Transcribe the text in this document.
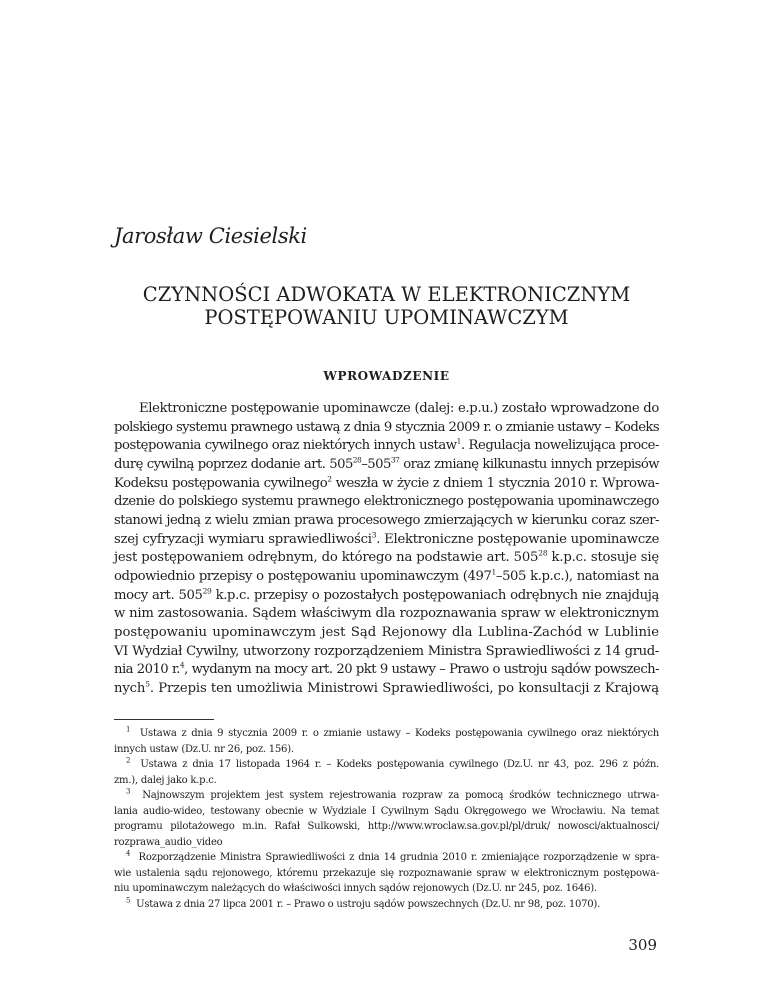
Jarosław Ciesielski
CZYNNOŚCI ADWOKATA W ELEKTRONICZNYM
POSTĘPOWANIU UPOMINAWCZYM
WPROWADZENIE
Elektroniczne postępowanie upominawcze (dalej: e.p.u.) zostało wprowadzone do
polskiego systemu prawnego ustawą z dnia 9 stycznia 2009 r. o zmianie ustawy – Kodeks
postępowania cywilnego oraz niektórych innych ustaw$^1$. Regulacja nowelizująca proce-
durę cywilną poprzez dodanie art. $505^{28}-505^{37}$ oraz zmianę kilkunastu innych przepisów
Kodeksu postępowania cywilnego$^2$ weszła w życie z dniem 1 stycznia 2010 r. Wprowa-
dzenie do polskiego systemu prawnego elektronicznego postępowania upominawczego
stanowi jedną z wielu zmian prawa procesowego zmierzających w kierunku coraz szer-
szej cyfryzacji wymiaru sprawiedliwości$^3$. Elektroniczne postępowanie upominawcze
jest postępowaniem odrębnym, do którego na podstawie art. $505^{28}$ k.p.c. stosuje się
odpowiednio przepisy o postępowaniu upominawczym ($497^1-505$ k.p.c.), natomiast na
mocy art. $505^{29}$ k.p.c. przepisy o pozostałych postępowaniach odrębnych nie znajdują
w nim zastosowania. Sądem właściwym dla rozpoznawania spraw w elektronicznym
postępowaniu upominawczym jest Sąd Rejonowy dla Lublina-Zachód w Lublinie
VI Wydział Cywilny, utworzony rozporządzeniem Ministra Sprawiedliwości z 14 grud-
nia 2010 r.$^4$, wydanym na mocy art. 20 pkt 9 ustawy – Prawo o ustroju sądów powszech-
nych$^5$. Przepis ten umożliwia Ministrowi Sprawiedliwości, po konsultacji z Krajową
$^1$ Ustawa z dnia 9 stycznia 2009 r. o zmianie ustawy – Kodeks postępowania cywilnego oraz niektórych
innych ustaw (Dz.U. nr 26, poz. 156).
$^2$ Ustawa z dnia 17 listopada 1964 r. – Kodeks postępowania cywilnego (Dz.U. nr 43, poz. 296 z późn.
zm.), dalej jako k.p.c.
$^3$ Najnowszym projektem jest system rejestrowania rozpraw za pomocą środków technicznego utrwa-
lania audio-wideo, testowany obecnie w Wydziale I Cywilnym Sądu Okręgowego we Wrocławiu. Na temat
programu pilotażowego m.in. Rafał Sulkowski, http://www.wroclaw.sa.gov.pl/pl/druk/ nowosci/aktualnosci/
rozprawa_audio_video
$^4$ Rozporządzenie Ministra Sprawiedliwości z dnia 14 grudnia 2010 r. zmieniające rozporządzenie w spra-
wie ustalenia sądu rejonowego, któremu przekazuje się rozpoznawanie spraw w elektronicznym postępowa-
niu upominawczym należących do właściwości innych sądów rejonowych (Dz.U. nr 245, poz. 1646).
$^5$ Ustawa z dnia 27 lipca 2001 r. – Prawo o ustroju sądów powszechnych (Dz.U. nr 98, poz. 1070).
309
